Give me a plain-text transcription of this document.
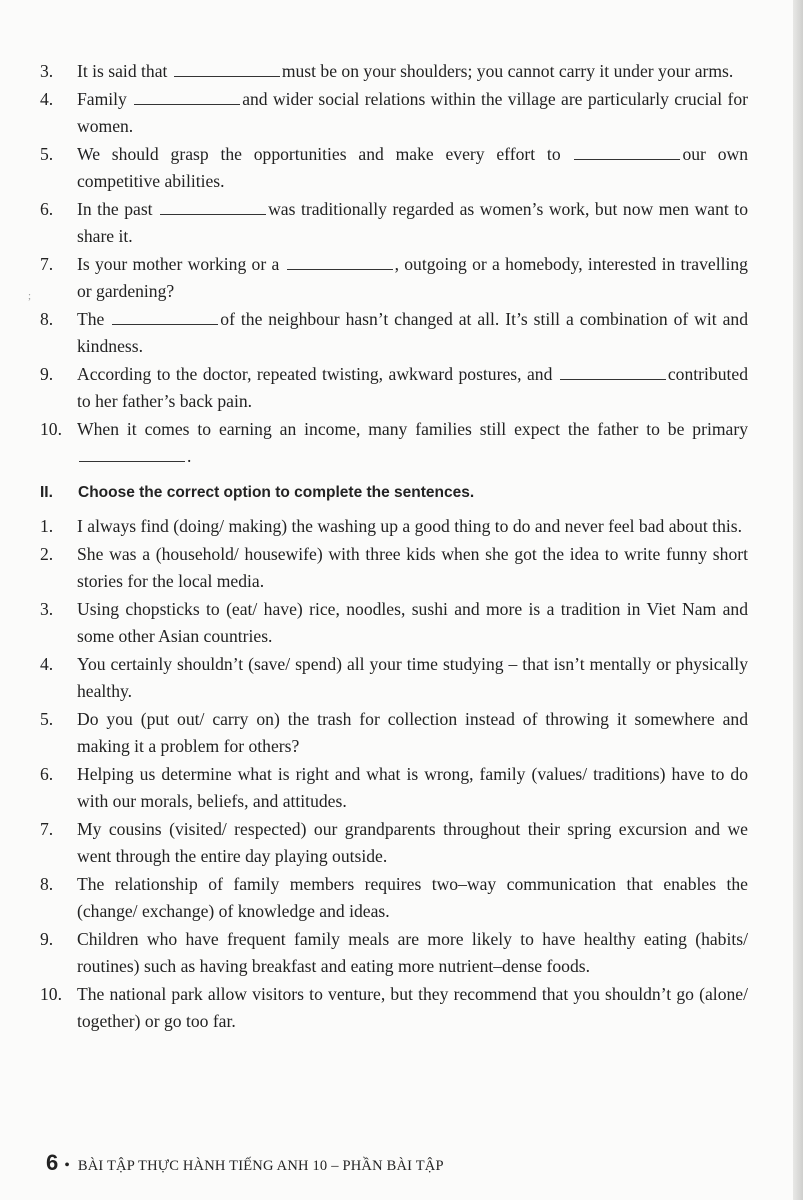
;
3.	It is said that	must be on your shoulders; you cannot carry it under your arms.
4.	Family	and wider social relations within the village are particularly crucial for women.
5.	We should grasp the opportunities and make every effort to	our own competitive abilities.
6.	In the past	was traditionally regarded as women’s work, but now men want to share it.
7.	Is your mother working or a	, outgoing or a homebody, interested in travelling or gardening?
8.	The	of the neighbour hasn’t changed at all. It’s still a combination of wit and kindness.
9.	According to the doctor, repeated twisting, awkward postures, and	contributed to her father’s back pain.
10. When it comes to earning an income, many families still expect the father to be primary .
II.	Choose the correct option to complete the sentences.
1.	I always find (doing/ making) the washing up a good thing to do and never feel bad about this.
2.	She was a (household/ housewife) with three kids when she got the idea to write funny short stories for the local media.
3.	Using chopsticks to (eat/ have) rice, noodles, sushi and more is a tradition in Viet Nam and some other Asian countries.
4.	You certainly shouldn’t (save/ spend) all your time studying – that isn’t mentally or physically healthy.
5.	Do you (put out/ carry on) the trash for collection instead of throwing it somewhere and making it a problem for others?
6.	Helping us determine what is right and what is wrong, family (values/ traditions) have to do with our morals, beliefs, and attitudes.
7.	My cousins (visited/ respected) our grandparents throughout their spring excursion and we went through the entire day playing outside.
8.	The relationship of family members requires two–way communication that enables the (change/ exchange) of knowledge and ideas.
9.	Children who have frequent family meals are more likely to have healthy eating (habits/ routines) such as having breakfast and eating more nutrient–dense foods.
10. The national park allow visitors to venture, but they recommend that you shouldn’t go (alone/ together) or go too far.
6 • BÀI TẬP THỰC HÀNH TIẾNG ANH 10 – PHẦN BÀI TẬP
